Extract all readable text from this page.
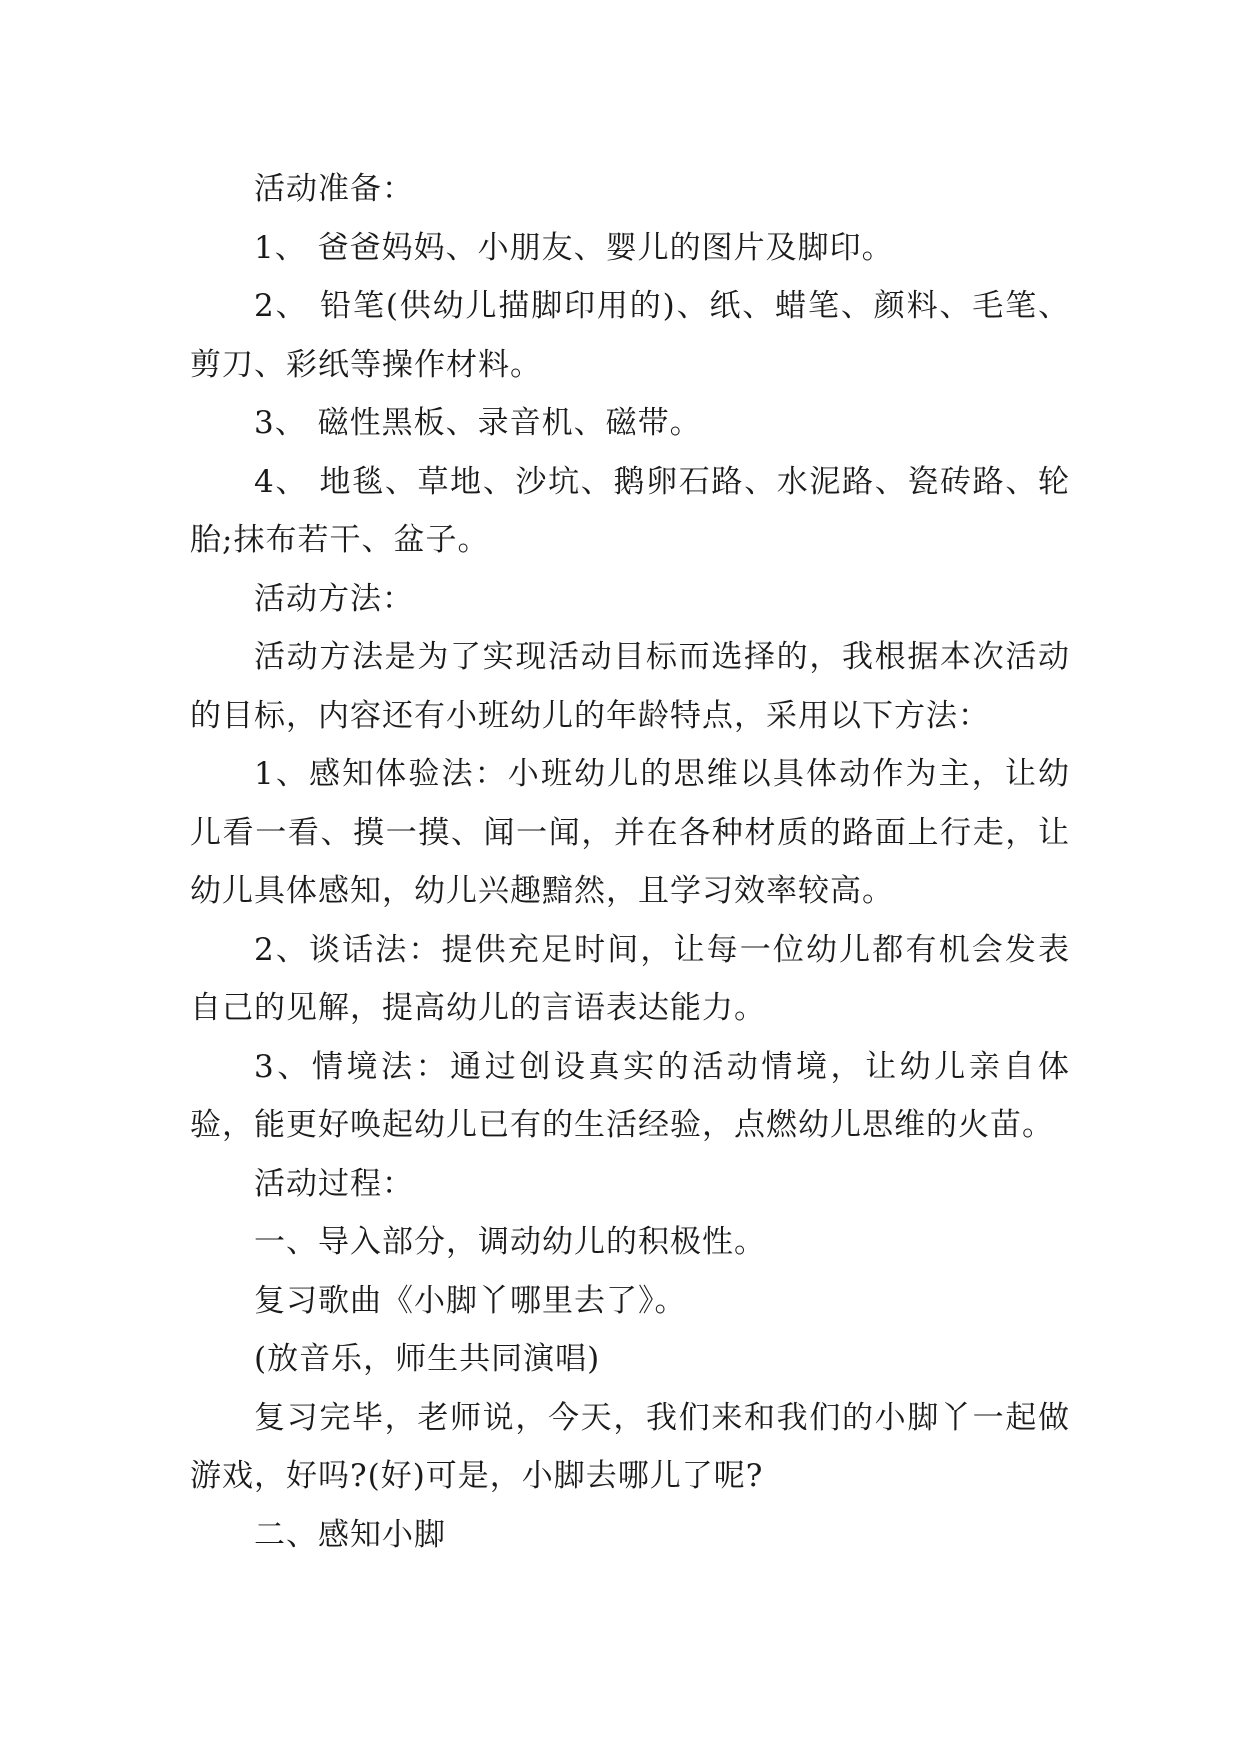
活动准备：

1、 爸爸妈妈、小朋友、婴儿的图片及脚印。

2、 铅笔(供幼儿描脚印用的)、纸、蜡笔、颜料、毛笔、剪刀、彩纸等操作材料。

3、 磁性黑板、录音机、磁带。

4、 地毯、草地、沙坑、鹅卵石路、水泥路、瓷砖路、轮胎;抹布若干、盆子。

活动方法：

活动方法是为了实现活动目标而选择的，我根据本次活动的目标，内容还有小班幼儿的年龄特点，采用以下方法：

1、感知体验法：小班幼儿的思维以具体动作为主，让幼儿看一看、摸一摸、闻一闻，并在各种材质的路面上行走，让幼儿具体感知，幼儿兴趣黯然，且学习效率较高。

2、谈话法：提供充足时间，让每一位幼儿都有机会发表自己的见解，提高幼儿的言语表达能力。

3、情境法：通过创设真实的活动情境，让幼儿亲自体验，能更好唤起幼儿已有的生活经验，点燃幼儿思维的火苗。

活动过程：

一、导入部分，调动幼儿的积极性。

复习歌曲《小脚丫哪里去了》。

(放音乐，师生共同演唱)

复习完毕，老师说，今天，我们来和我们的小脚丫一起做游戏，好吗?(好)可是，小脚去哪儿了呢?

二、感知小脚
